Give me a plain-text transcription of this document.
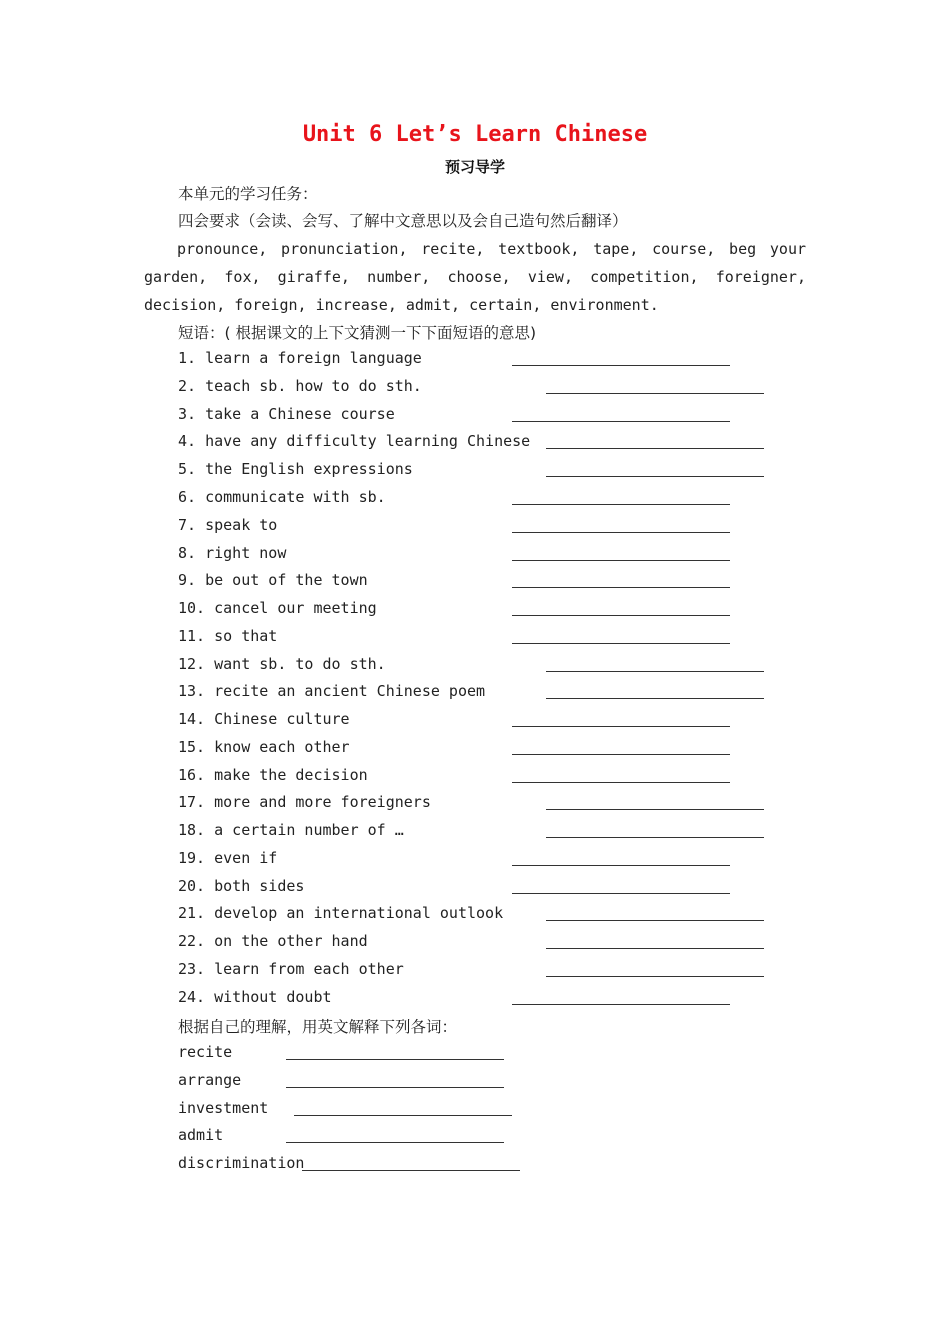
Unit 6 Let’s Learn Chinese
预习导学
本单元的学习任务：
四会要求（会读、会写、了解中文意思以及会自己造句然后翻译）
pronounce, pronunciation, recite, textbook, tape, course, beg your garden, fox, giraffe, number, choose, view, competition, foreigner, decision, foreign, increase, admit, certain, environment.
短语：( 根据课文的上下文猜测一下下面短语的意思)
1. learn a foreign language
2. teach sb. how to do sth.
3. take a Chinese course
4. have any difficulty learning Chinese
5. the English expressions
6. communicate with sb.
7. speak to
8. right now
9. be out of the town
10. cancel our meeting
11. so that
12. want sb. to do sth.
13. recite an ancient Chinese poem
14. Chinese culture
15. know each other
16. make the decision
17. more and more foreigners
18. a certain number of …
19. even if
20. both sides
21. develop an international outlook
22. on the other hand
23. learn from each other
24. without doubt
根据自己的理解，用英文解释下列各词：
recite
arrange
investment
admit
discrimination
